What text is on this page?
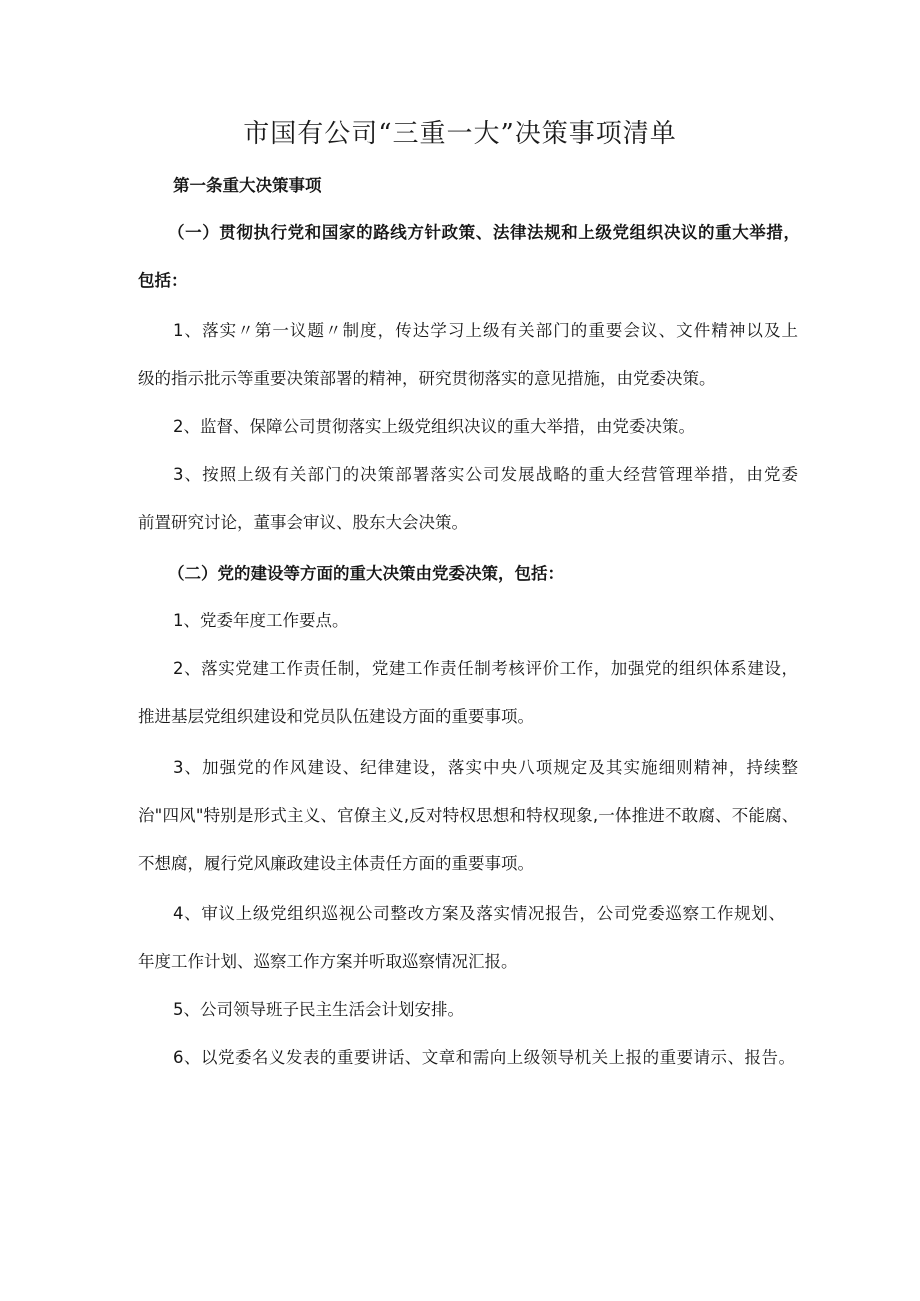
市国有公司“三重一大”决策事项清单
第一条重大决策事项
（一）贯彻执行党和国家的路线方针政策、法律法规和上级党组织决议的重大举措，
包括：
1、落实〃第一议题〃制度，传达学习上级有关部门的重要会议、文件精神以及上
级的指示批示等重要决策部署的精神，研究贯彻落实的意见措施，由党委决策。
2、监督、保障公司贯彻落实上级党组织决议的重大举措，由党委决策。
3、按照上级有关部门的决策部署落实公司发展战略的重大经营管理举措，由党委
前置研究讨论，董事会审议、股东大会决策。
（二）党的建设等方面的重大决策由党委决策，包括：
1、党委年度工作要点。
2、落实党建工作责任制，党建工作责任制考核评价工作，加强党的组织体系建设，
推进基层党组织建设和党员队伍建设方面的重要事项。
3、加强党的作风建设、纪律建设，落实中央八项规定及其实施细则精神，持续整
治"四风"特别是形式主义、官僚主义,反对特权思想和特权现象,一体推进不敢腐、不能腐、
不想腐，履行党风廉政建设主体责任方面的重要事项。
4、审议上级党组织巡视公司整改方案及落实情况报告，公司党委巡察工作规划、
年度工作计划、巡察工作方案并听取巡察情况汇报。
5、公司领导班子民主生活会计划安排。
6、以党委名义发表的重要讲话、文章和需向上级领导机关上报的重要请示、报告。
